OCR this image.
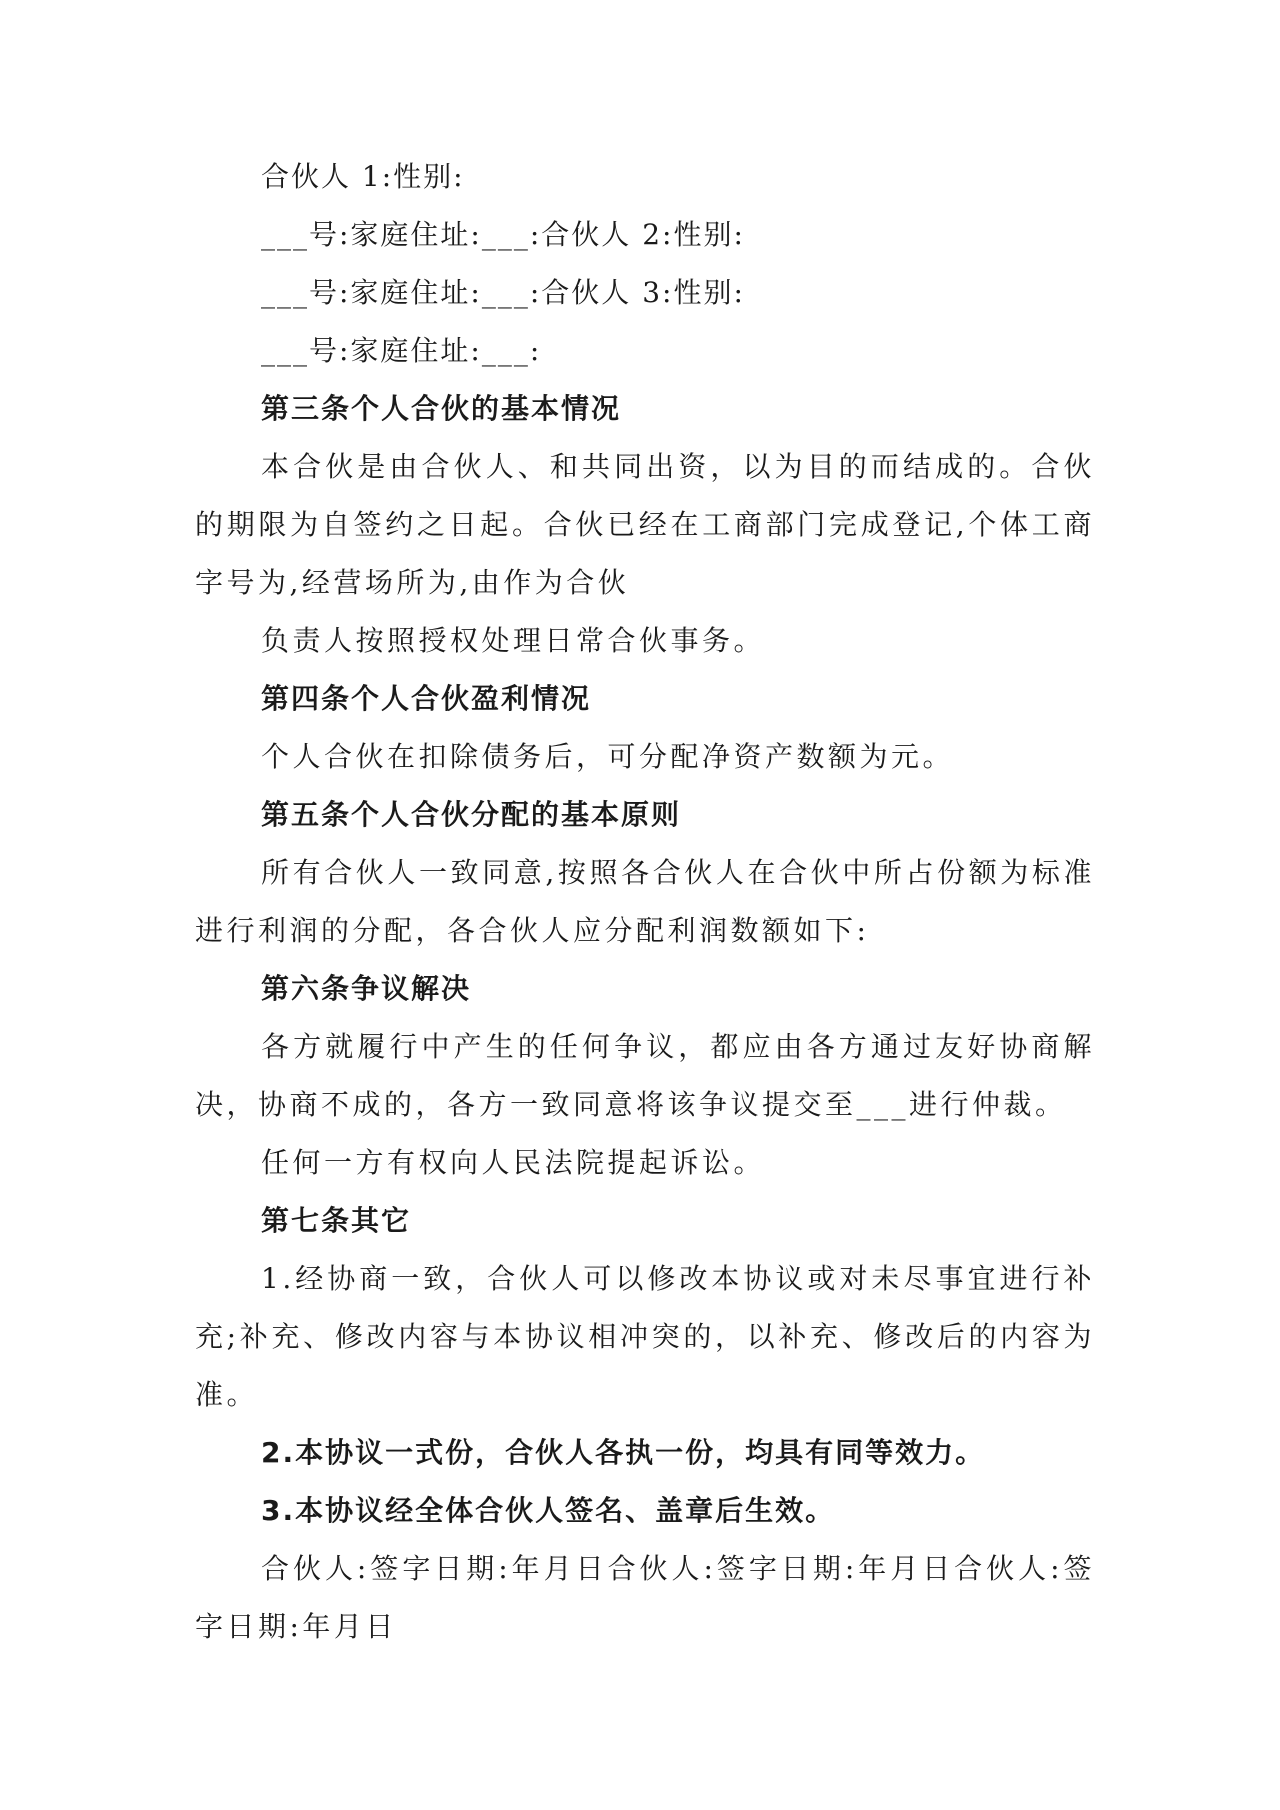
合伙人 1:性别:

___号:家庭住址:___:合伙人 2:性别:

___号:家庭住址:___:合伙人 3:性别:

___号:家庭住址:___:

第三条个人合伙的基本情况

本合伙是由合伙人、和共同出资，以为目的而结成的。合伙的期限为自签约之日起。合伙已经在工商部门完成登记,个体工商字号为,经营场所为,由作为合伙

负责人按照授权处理日常合伙事务。

第四条个人合伙盈利情况

个人合伙在扣除债务后，可分配净资产数额为元。

第五条个人合伙分配的基本原则

所有合伙人一致同意,按照各合伙人在合伙中所占份额为标准进行利润的分配，各合伙人应分配利润数额如下:

第六条争议解决

各方就履行中产生的任何争议，都应由各方通过友好协商解决，协商不成的，各方一致同意将该争议提交至___进行仲裁。

任何一方有权向人民法院提起诉讼。

第七条其它

1.经协商一致，合伙人可以修改本协议或对未尽事宜进行补充;补充、修改内容与本协议相冲突的，以补充、修改后的内容为准。

2.本协议一式份，合伙人各执一份，均具有同等效力。

3.本协议经全体合伙人签名、盖章后生效。

合伙人:签字日期:年月日合伙人:签字日期:年月日合伙人:签字日期:年月日
